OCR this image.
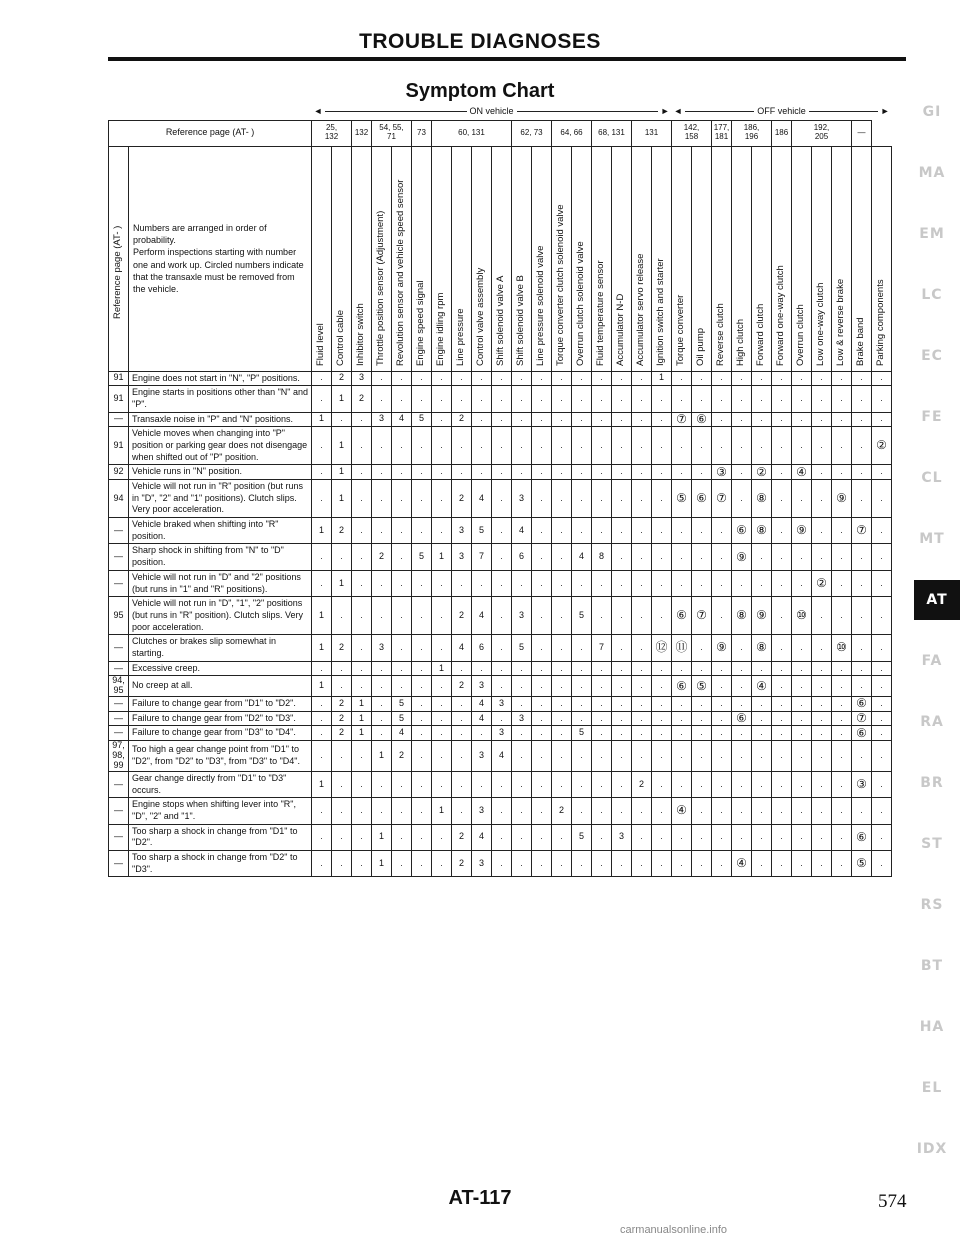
TROUBLE DIAGNOSES
Symptom Chart

		◄ ON vehicle ►																		◄ OFF vehicle ►										

Reference page (AT- )		25,
132		132	54, 55,
71		73	60, 131				62, 73		64, 66		68, 131		131		142,
158		177,
181	186,
196		186	192,
205			—	

Reference page (AT- )	Numbers are arranged in order of probability.
Perform inspections starting with number one and work up. Circled numbers indicate that the transaxle must be removed from the vehicle.	Fluid level	Control cable	Inhibitor switch	Throttle position sensor (Adjustment)	Revolution sensor and vehicle speed sensor	Engine speed signal	Engine idling rpm	Line pressure	Control valve assembly	Shift solenoid valve A	Shift solenoid valve B	Line pressure solenoid valve	Torque converter clutch solenoid valve	Overrun clutch solenoid valve	Fluid temperature sensor	Accumulator N-D	Accumulator servo release	Ignition switch and starter	Torque converter	Oil pump	Reverse clutch	High clutch	Forward clutch	Forward one-way clutch	Overrun clutch	Low one-way clutch	Low & reverse brake	Brake band	Parking components

91	Engine does not start in "N", "P" positions.	.	2	3	.	.	.	.	.	.	.	.	.	.	.	.	.	.	1	.	.	.	.	.	.	.	.	.	.	.
91	Engine starts in positions other than "N" and "P".	.	1	2	.	.	.	.	.	.	.	.	.	.	.	.	.	.	.	.	.	.	.	.	.	.	.	.	.	.
—	Transaxle noise in "P" and "N" positions.	1	.	.	3	4	5	.	2	.	.	.	.	.	.	.	.	.	.	⑦	⑥	.	.	.	.	.	.	.	.	.
91	Vehicle moves when changing into "P" position or parking gear does not disengage when shifted out of "P" position.	.	1	.	.	.	.	.	.	.	.	.	.	.	.	.	.	.	.	.	.	.	.	.	.	.	.	.	.	②
92	Vehicle runs in "N" position.	.	1	.	.	.	.	.	.	.	.	.	.	.	.	.	.	.	.	.	.	③	.	②	.	④	.	.	.	.
94	Vehicle will not run in "R" position (but runs in "D", "2" and "1" positions). Clutch slips. Very poor acceleration.	.	1	.	.	.	.	.	2	4	.	3	.	.	.	.	.	.	.	⑤	⑥	⑦	.	⑧	.	.	.	⑨	.	.
—	Vehicle braked when shifting into "R" position.	1	2	.	.	.	.	.	3	5	.	4	.	.	.	.	.	.	.	.	.	.	⑥	⑧	.	⑨	.	.	⑦	.
—	Sharp shock in shifting from "N" to "D" position.	.	.	.	2	.	5	1	3	7	.	6	.	.	4	8	.	.	.	.	.	.	⑨	.	.	.	.	.	.	.
—	Vehicle will not run in "D" and "2" positions (but runs in "1" and "R" positions).	.	1	.	.	.	.	.	.	.	.	.	.	.	.	.	.	.	.	.	.	.	.	.	.	.	②	.	.	.
95	Vehicle will not run in "D", "1", "2" positions (but runs in "R" position). Clutch slips. Very poor acceleration.	1	.	.	.	.	.	.	2	4	.	3	.	.	5	.	.	.	.	⑥	⑦	.	⑧	⑨	.	⑩	.	.	.	.
—	Clutches or brakes slip somewhat in starting.	1	2	.	3	.	.	.	4	6	.	5	.	.	.	7	.	.	⑫	⑪	.	⑨	.	⑧	.	.	.	⑩	.	.
—	Excessive creep.	.	.	.	.	.	.	1	.	.	.	.	.	.	.	.	.	.	.	.	.	.	.	.	.	.	.	.	.	.
94,
95	No creep at all.	1	.	.	.	.	.	.	2	3	.	.	.	.	.	.	.	.	.	⑥	⑤	.	.	④	.	.	.	.	.	.
—	Failure to change gear from "D1" to "D2".	.	2	1	.	5	.	.	.	4	3	.	.	.	.	.	.	.	.	.	.	.	.	.	.	.	.	.	⑥	.
—	Failure to change gear from "D2" to "D3".	.	2	1	.	5	.	.	.	4	.	3	.	.	.	.	.	.	.	.	.	.	⑥	.	.	.	.	.	⑦	.
—	Failure to change gear from "D3" to "D4".	.	2	1	.	4	.	.	.	.	3	.	.	.	5	.	.	.	.	.	.	.	.	.	.	.	.	.	⑥	.
97,
98,
99	Too high a gear change point from "D1" to "D2", from "D2" to "D3", from "D3" to "D4".	.	.	.	1	2	.	.	.	3	4	.	.	.	.	.	.	.	.	.	.	.	.	.	.	.	.	.	.	.
—	Gear change directly from "D1" to "D3" occurs.	1	.	.	.	.	.	.	.	.	.	.	.	.	.	.	.	2	.	.	.	.	.	.	.	.	.	.	③	.
—	Engine stops when shifting lever into "R", "D", "2" and "1".	.	.	.	.	.	.	1	.	3	.	.	.	2	.	.	.	.	.	④	.	.	.	.	.	.	.	.	.	.
—	Too sharp a shock in change from "D1" to "D2".	.	.	.	1	.	.	.	2	4	.	.	.	.	5	.	3	.	.	.	.	.	.	.	.	.	.	.	⑥	.
—	Too sharp a shock in change from "D2" to "D3".	.	.	.	1	.	.	.	2	3	.	.	.	.	.	.	.	.	.	.	.	.	④	.	.	.	.	.	⑤	.
GI
MA
EM
LC
EC
FE
CL
MT
AT
FA
RA
BR
ST
RS
BT
HA
EL
IDX
AT-117	574
carmanualsonline.info
